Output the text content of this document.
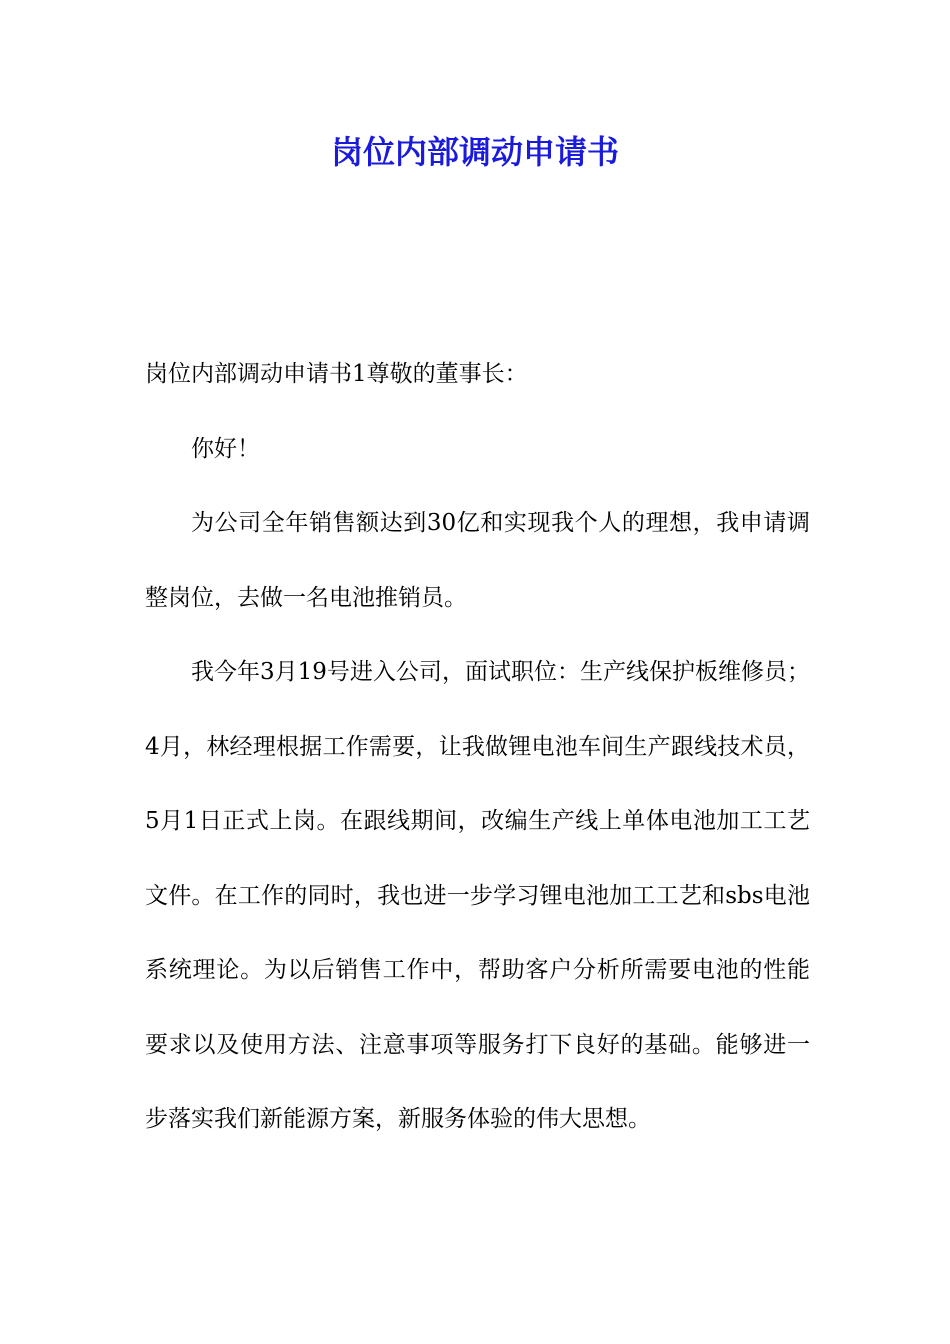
岗位内部调动申请书

岗位内部调动申请书1尊敬的董事长：

你好！

为公司全年销售额达到30亿和实现我个人的理想，我申请调整岗位，去做一名电池推销员。

我今年3月19号进入公司，面试职位：生产线保护板维修员；4月，林经理根据工作需要，让我做锂电池车间生产跟线技术员，5月1日正式上岗。在跟线期间，改编生产线上单体电池加工工艺文件。在工作的同时，我也进一步学习锂电池加工工艺和sbs电池系统理论。为以后销售工作中，帮助客户分析所需要电池的性能要求以及使用方法、注意事项等服务打下良好的基础。能够进一步落实我们新能源方案，新服务体验的伟大思想。
